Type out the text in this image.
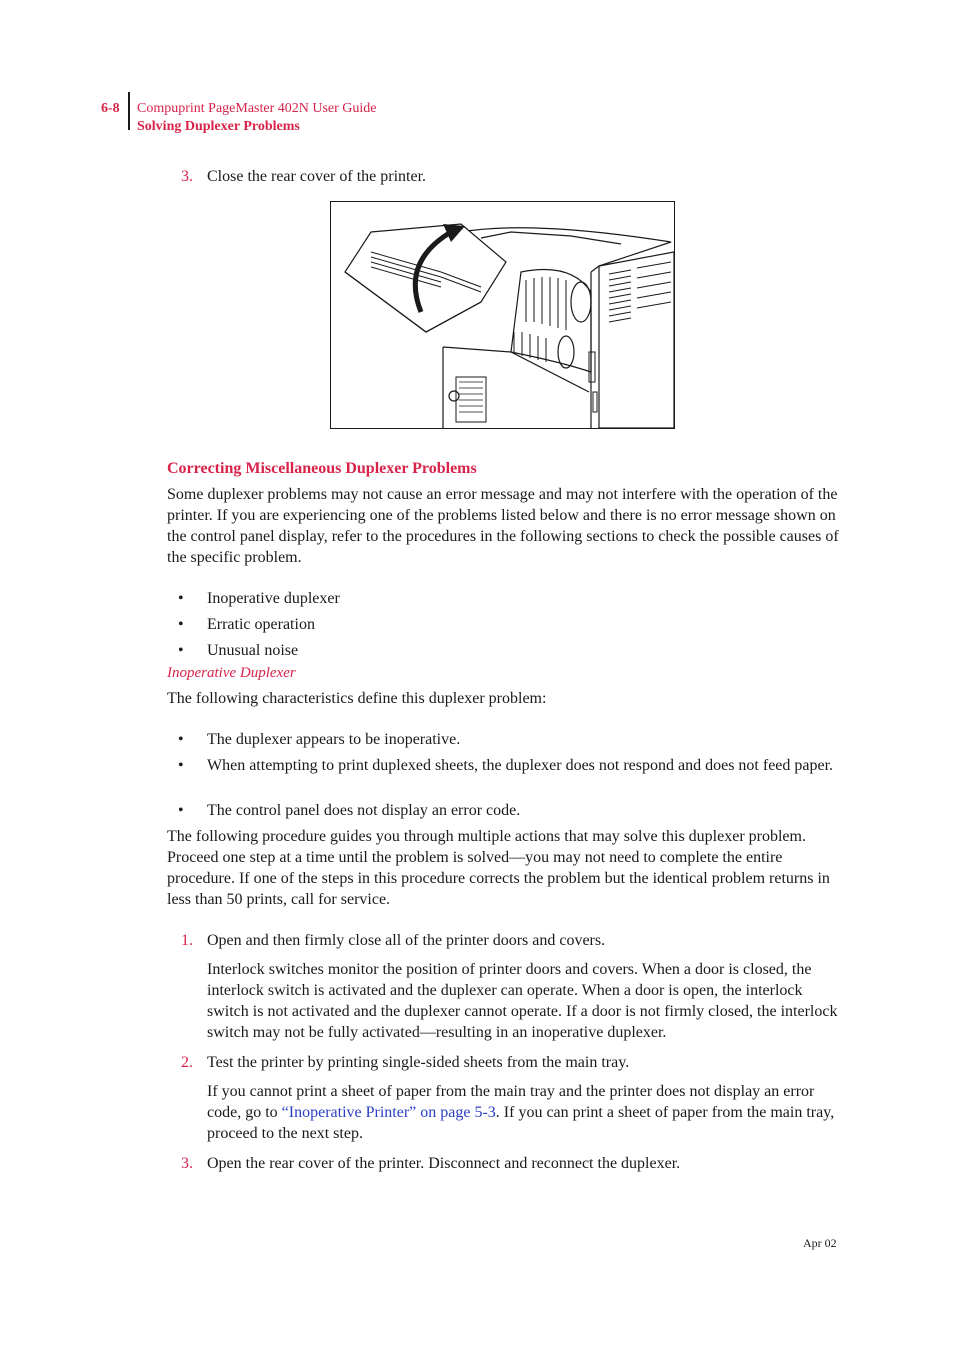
6-8 Compuprint PageMaster 402N User Guide
Solving Duplexer Problems
3. Close the rear cover of the printer.
Correcting Miscellaneous Duplexer Problems
Some duplexer problems may not cause an error message and may not interfere with the operation of the printer. If you are experiencing one of the problems listed below and there is no error message shown on the control panel display, refer to the procedures in the following sections to check the possible causes of the specific problem.
• Inoperative duplexer
• Erratic operation
• Unusual noise
Inoperative Duplexer
The following characteristics define this duplexer problem:
• The duplexer appears to be inoperative.
• When attempting to print duplexed sheets, the duplexer does not respond and does not feed paper.
• The control panel does not display an error code.
The following procedure guides you through multiple actions that may solve this duplexer problem. Proceed one step at a time until the problem is solved—you may not need to complete the entire procedure. If one of the steps in this procedure corrects the problem but the identical problem returns in less than 50 prints, call for service.
1. Open and then firmly close all of the printer doors and covers.
Interlock switches monitor the position of printer doors and covers. When a door is closed, the interlock switch is activated and the duplexer can operate. When a door is open, the interlock switch is not activated and the duplexer cannot operate. If a door is not firmly closed, the interlock switch may not be fully activated—resulting in an inoperative duplexer.
2. Test the printer by printing single-sided sheets from the main tray.
If you cannot print a sheet of paper from the main tray and the printer does not display an error code, go to “Inoperative Printer” on page 5-3. If you can print a sheet of paper from the main tray, proceed to the next step.
3. Open the rear cover of the printer. Disconnect and reconnect the duplexer.
Apr 02
